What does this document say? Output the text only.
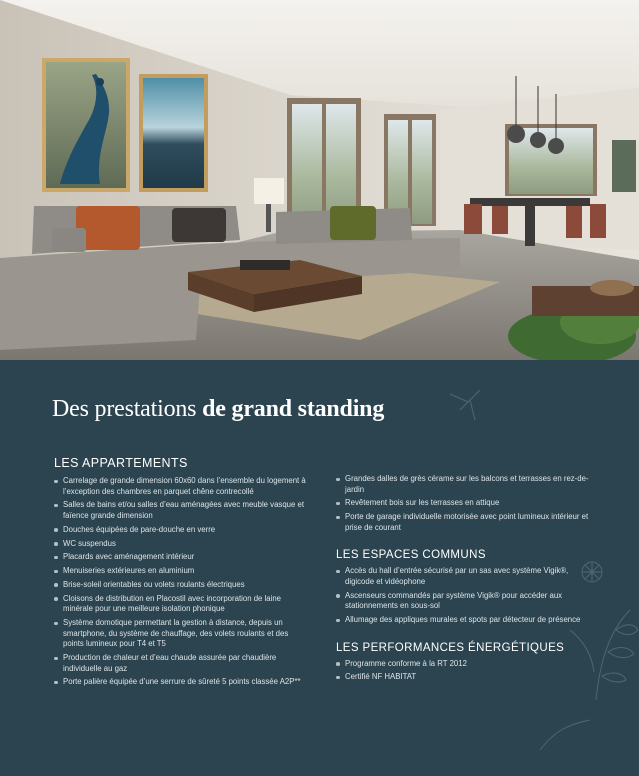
Des prestations de grand standing
LES APPARTEMENTS
Carrelage de grande dimension 60x60 dans l’ensemble du logement à l’exception des chambres en parquet chêne contrecollé
Salles de bains et/ou salles d’eau aménagées avec meuble vasque et faïence grande dimension
Douches équipées de pare-douche en verre
WC suspendus
Placards avec aménagement intérieur
Menuiseries extérieures en aluminium
Brise-soleil orientables ou volets roulants électriques
Cloisons de distribution en Placostil avec incorporation de laine minérale pour une meilleure isolation phonique
Système domotique permettant la gestion à distance, depuis un smartphone, du système de chauffage, des volets roulants et des points lumineux pour T4 et T5
Production de chaleur et d’eau chaude assurée par chaudière individuelle au gaz
Porte palière équipée d’une serrure de sûreté 5 points classée A2P**
Grandes dalles de grès cérame sur les balcons et terrasses en rez-de-jardin
Revêtement bois sur les terrasses en attique
Porte de garage individuelle motorisée avec point lumineux intérieur et prise de courant
LES ESPACES COMMUNS
Accès du hall d’entrée sécurisé par un sas avec système Vigik®, digicode et vidéophone
Ascenseurs commandés par système Vigik® pour accéder aux stationnements en sous-sol
Allumage des appliques murales et spots par détecteur de présence
LES PERFORMANCES ÉNERGÉTIQUES
Programme conforme à la RT 2012
Certifié NF HABITAT
